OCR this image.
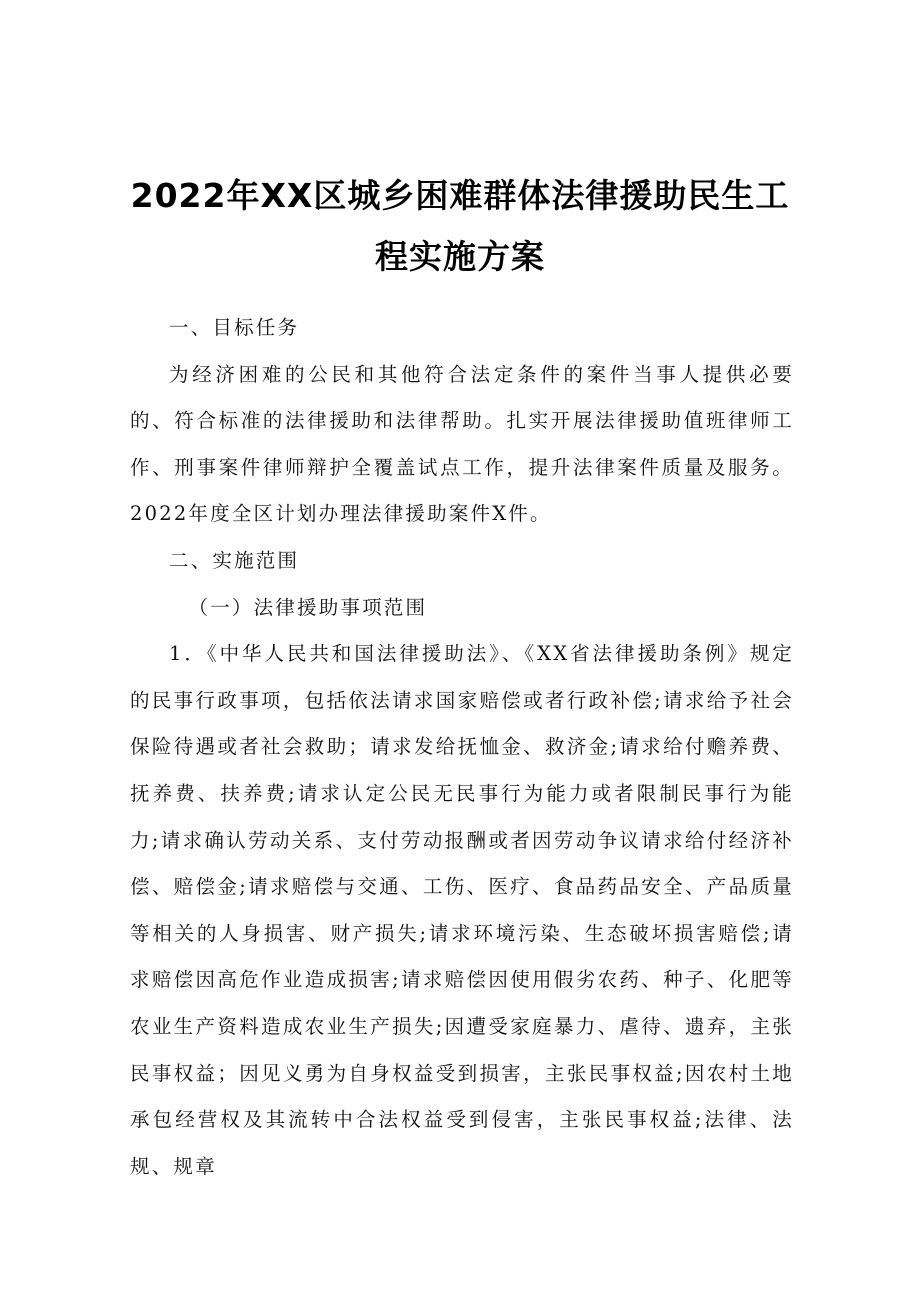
2022年XX区城乡困难群体法律援助民生工
程实施方案

一、目标任务

为经济困难的公民和其他符合法定条件的案件当事人提供必要的、符合标准的法律援助和法律帮助。扎实开展法律援助值班律师工作、刑事案件律师辩护全覆盖试点工作，提升法律案件质量及服务。2022年度全区计划办理法律援助案件X件。

二、实施范围

（一）法律援助事项范围

1．《中华人民共和国法律援助法》、《XX省法律援助条例》规定的民事行政事项，包括依法请求国家赔偿或者行政补偿;请求给予社会保险待遇或者社会救助；请求发给抚恤金、救济金;请求给付赡养费、抚养费、扶养费;请求认定公民无民事行为能力或者限制民事行为能力;请求确认劳动关系、支付劳动报酬或者因劳动争议请求给付经济补偿、赔偿金;请求赔偿与交通、工伤、医疗、食品药品安全、产品质量等相关的人身损害、财产损失;请求环境污染、生态破坏损害赔偿;请求赔偿因高危作业造成损害;请求赔偿因使用假劣农药、种子、化肥等农业生产资料造成农业生产损失;因遭受家庭暴力、虐待、遗弃，主张民事权益；因见义勇为自身权益受到损害，主张民事权益;因农村土地承包经营权及其流转中合法权益受到侵害，主张民事权益;法律、法规、规章
